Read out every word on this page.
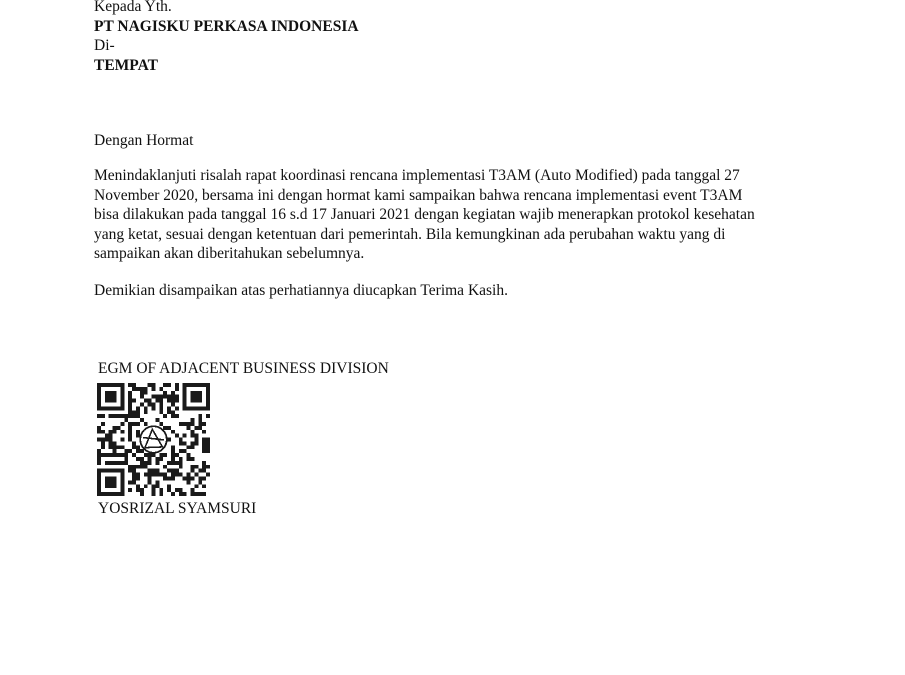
Kepada Yth.
PT NAGISKU PERKASA INDONESIA
Di-
TEMPAT
Dengan Hormat
Menindaklanjuti risalah rapat koordinasi rencana implementasi T3AM (Auto Modified) pada tanggal 27
November 2020, bersama ini dengan hormat kami sampaikan bahwa rencana implementasi event T3AM
bisa dilakukan pada tanggal 16 s.d 17 Januari 2021 dengan kegiatan wajib menerapkan protokol kesehatan
yang ketat, sesuai dengan ketentuan dari pemerintah. Bila kemungkinan ada perubahan waktu yang di
sampaikan akan diberitahukan sebelumnya.
Demikian disampaikan atas perhatiannya diucapkan Terima Kasih.
EGM OF ADJACENT BUSINESS DIVISION
YOSRIZAL SYAMSURI
